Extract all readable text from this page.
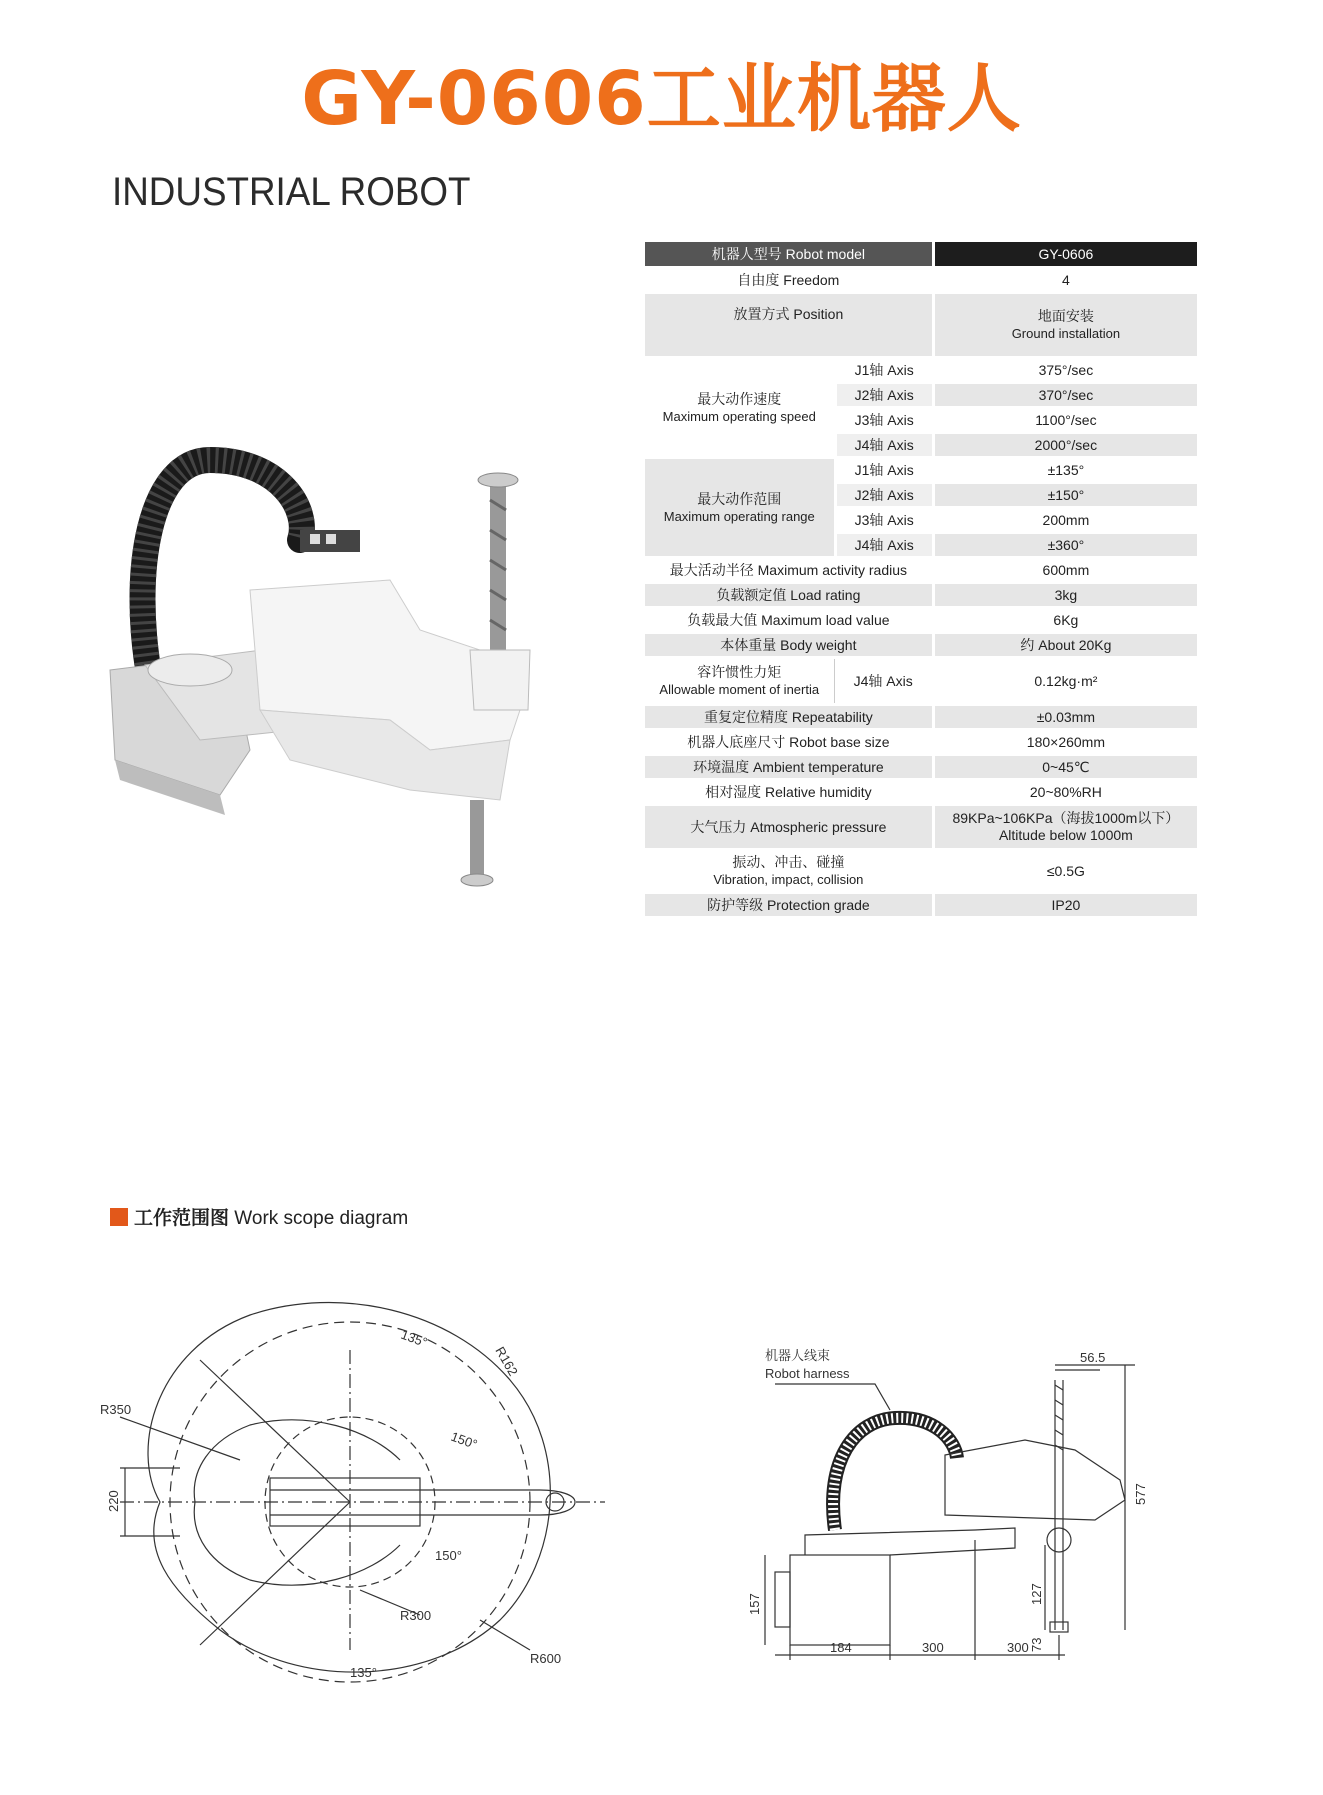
GY-0606工业机器人
INDUSTRIAL ROBOT
机器人型号 Robot model		GY-0606
自由度 Freedom		4
放置方式 Position		地面安装
Ground installation

最大动作速度
Maximum operating speed	J1轴 Axis	375°/sec
	J2轴 Axis	370°/sec
	J3轴 Axis	1100°/sec
	J4轴 Axis	2000°/sec

最大动作范围
Maximum operating range	J1轴 Axis	±135°
	J2轴 Axis	±150°
	J3轴 Axis	200mm
	J4轴 Axis	±360°
最大活动半径 Maximum activity radius		600mm
负载额定值 Load rating		3kg
负载最大值 Maximum load value		6Kg
本体重量 Body weight		约 About 20Kg

容许惯性力矩
Allowable moment of inertia	J4轴 Axis	0.12kg·m²
重复定位精度 Repeatability		±0.03mm
机器人底座尺寸 Robot base size		180×260mm
环境温度 Ambient temperature		0~45℃
相对湿度 Relative humidity		20~80%RH
大气压力 Atmospheric pressure		89KPa~106KPa（海拔1000m以下）
Altitude below 1000m

振动、冲击、碰撞
Vibration, impact, collision		≤0.5G
防护等级 Protection grade		IP20
工作范围图 Work scope diagram
R350
R162
R300
R600
135°
135°
150°
150°
220
机器人线束
Robot harness
56.5
577
157	127
73
184	300	300
